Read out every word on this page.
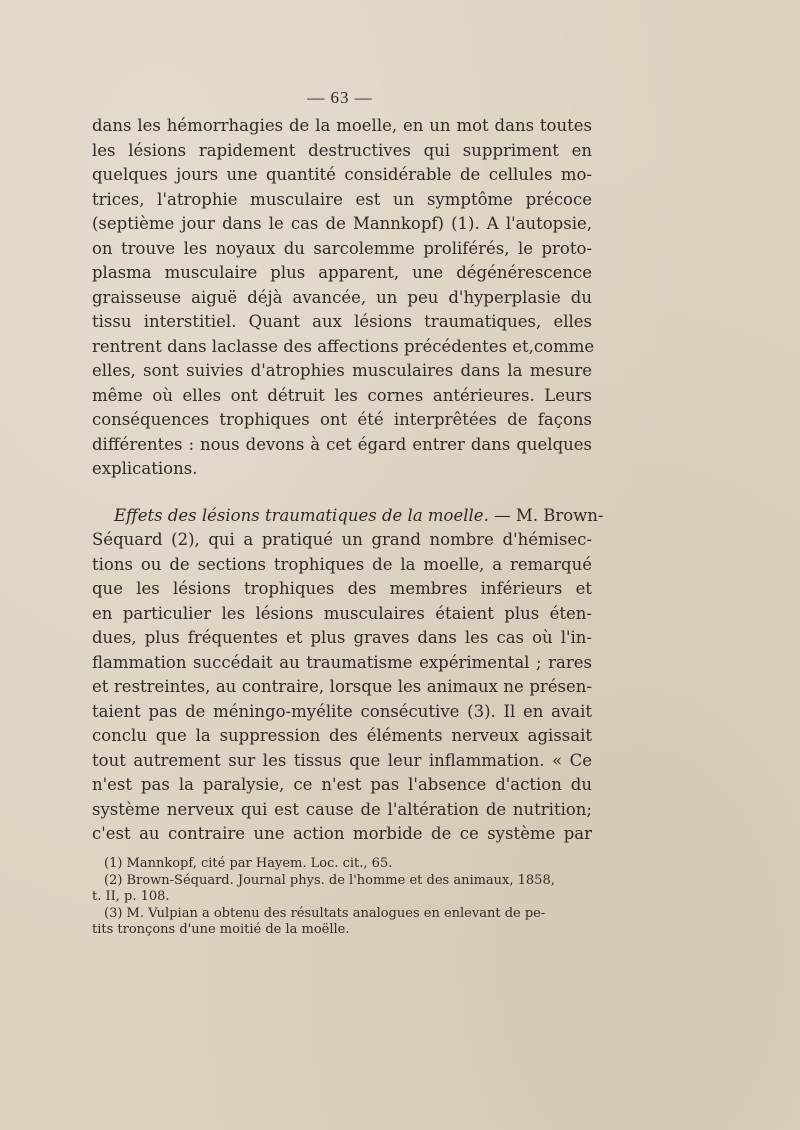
— 63 —

dans les hémorrhagies de la moelle, en un mot dans toutes
les lésions rapidement destructives qui suppriment en
quelques jours une quantité considérable de cellules mo-
trices, l'atrophie musculaire est un symptôme précoce
(septième jour dans le cas de Mannkopf) (1). A l'autopsie,
on trouve les noyaux du sarcolemme proliférés, le proto-
plasma musculaire plus apparent, une dégénérescence
graisseuse aiguë déjà avancée, un peu d'hyperplasie du
tissu interstitiel. Quant aux lésions traumatiques, elles
rentrent dans laclasse des affections précédentes et,comme
elles, sont suivies d'atrophies musculaires dans la mesure
même où elles ont détruit les cornes antérieures. Leurs
conséquences trophiques ont été interprêtées de façons
différentes : nous devons à cet égard entrer dans quelques
explications.

Effets des lésions traumatiques de la moelle. — M. Brown-
Séquard (2), qui a pratiqué un grand nombre d'hémisec-
tions ou de sections trophiques de la moelle, a remarqué
que les lésions trophiques des membres inférieurs et
en particulier les lésions musculaires étaient plus éten-
dues, plus fréquentes et plus graves dans les cas où l'in-
flammation succédait au traumatisme expérimental ; rares
et restreintes, au contraire, lorsque les animaux ne présen-
taient pas de méningo-myélite consécutive (3). Il en avait
conclu que la suppression des éléments nerveux agissait
tout autrement sur les tissus que leur inflammation. « Ce
n'est pas la paralysie, ce n'est pas l'absence d'action du
système nerveux qui est cause de l'altération de nutrition;
c'est au contraire une action morbide de ce système par

(1) Mannkopf, cité par Hayem. Loc. cit., 65.
(2) Brown-Séquard. Journal phys. de l'homme et des animaux, 1858,
t. II, p. 108.
(3) M. Vulpian a obtenu des résultats analogues en enlevant de pe-
tits tronçons d'une moitié de la moëlle.
